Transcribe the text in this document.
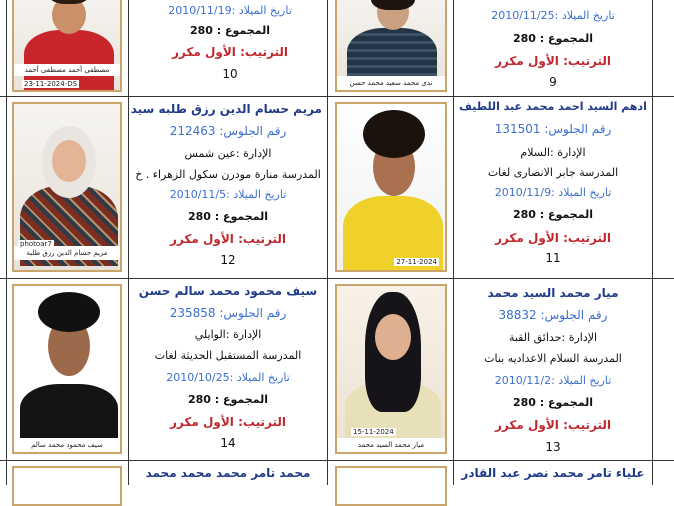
مصطفى أحمد مصطفى أحمد
23-11-2024-DS
تاريخ الميلاد :2010/11/19
المجموع : 280
الترتيب: الأول مكرر
10
ندى محمد سعيد محمد حسن
تاريخ الميلاد :2010/11/25
المجموع : 280
الترتيب: الأول مكرر
9
مريم حسام الدين رزق طلبة
photoar7
مريم حسام الدين رزق طلبه سيد
رقم الجلوس: 212463
الإدارة :عين شمس
المدرسة منارة مودرن سكول الزهراء . خ
تاريخ الميلاد :2010/11/5
المجموع : 280
الترتيب: الأول مكرر
12	27-11-2024
ادهم السيد احمد محمد عبد اللطيف
رقم الجلوس: 131501
الإدارة :السلام
المدرسة جابر الانصارى لغات
تاريخ الميلاد :2010/11/9
المجموع : 280
الترتيب: الأول مكرر
11
سيف محمود محمد سالم
سيف محمود محمد سالم حسن
رقم الجلوس: 235858
الإدارة :الوايلي
المدرسة المستقبل الحديثة لغات
تاريخ الميلاد :2010/10/25
المجموع : 280
الترتيب: الأول مكرر
14
15-11-2024
ميار محمد السيد محمد
ميار محمد السيد محمد
رقم الجلوس: 38832
الإدارة :حدائق القبة
المدرسة السلام الاعداديه بنات
تاريخ الميلاد :2010/11/2
المجموع : 280
الترتيب: الأول مكرر
13
محمد تامر محمد محمد محمد	علياء تامر محمد نصر عبد القادر
